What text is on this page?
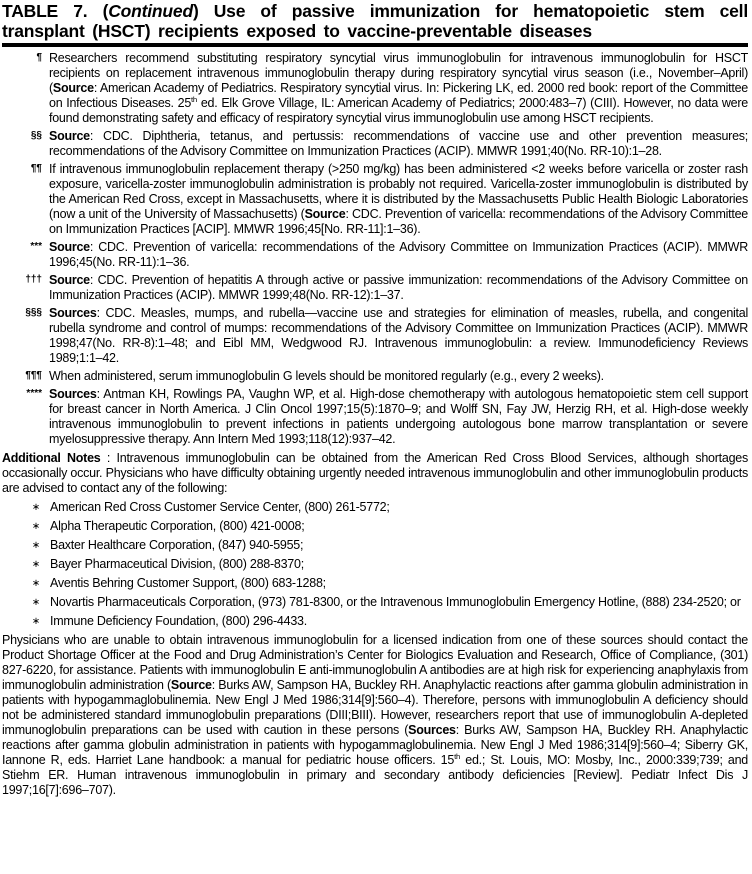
TABLE 7. (Continued) Use of passive immunization for hematopoietic stem cell transplant (HSCT) recipients exposed to vaccine-preventable diseases
¶ Researchers recommend substituting respiratory syncytial virus immunoglobulin for intravenous immunoglobulin for HSCT recipients on replacement intravenous immunoglobulin therapy during respiratory syncytial virus season (i.e., November–April) (Source: American Academy of Pediatrics. Respiratory syncytial virus. In: Pickering LK, ed. 2000 red book: report of the Committee on Infectious Diseases. 25th ed. Elk Grove Village, IL: American Academy of Pediatrics; 2000:483–7) (CIII). However, no data were found demonstrating safety and efficacy of respiratory syncytial virus immunoglobulin use among HSCT recipients.
§§ Source: CDC. Diphtheria, tetanus, and pertussis: recommendations of vaccine use and other prevention measures; recommendations of the Advisory Committee on Immunization Practices (ACIP). MMWR 1991;40(No. RR-10):1–28.
¶¶ If intravenous immunoglobulin replacement therapy (>250 mg/kg) has been administered <2 weeks before varicella or zoster rash exposure, varicella-zoster immunoglobulin administration is probably not required. Varicella-zoster immunoglobulin is distributed by the American Red Cross, except in Massachusetts, where it is distributed by the Massachusetts Public Health Biologic Laboratories (now a unit of the University of Massachusetts) (Source: CDC. Prevention of varicella: recommendations of the Advisory Committee on Immunization Practices [ACIP]. MMWR 1996;45[No. RR-11]:1–36).
*** Source: CDC. Prevention of varicella: recommendations of the Advisory Committee on Immunization Practices (ACIP). MMWR 1996;45(No. RR-11):1–36.
††† Source: CDC. Prevention of hepatitis A through active or passive immunization: recommendations of the Advisory Committee on Immunization Practices (ACIP). MMWR 1999;48(No. RR-12):1–37.
§§§ Sources: CDC. Measles, mumps, and rubella—vaccine use and strategies for elimination of measles, rubella, and congenital rubella syndrome and control of mumps: recommendations of the Advisory Committee on Immunization Practices (ACIP). MMWR 1998;47(No. RR-8):1–48; and Eibl MM, Wedgwood RJ. Intravenous immunoglobulin: a review. Immunodeficiency Reviews 1989;1:1–42.
¶¶¶ When administered, serum immunoglobulin G levels should be monitored regularly (e.g., every 2 weeks).
**** Sources: Antman KH, Rowlings PA, Vaughn WP, et al. High-dose chemotherapy with autologous hematopoietic stem cell support for breast cancer in North America. J Clin Oncol 1997;15(5):1870–9; and Wolff SN, Fay JW, Herzig RH, et al. High-dose weekly intravenous immunoglobulin to prevent infections in patients undergoing autologous bone marrow transplantation or severe myelosuppressive therapy. Ann Intern Med 1993;118(12):937–42.

Additional Notes : Intravenous immunoglobulin can be obtained from the American Red Cross Blood Services, although shortages occasionally occur. Physicians who have difficulty obtaining urgently needed intravenous immunoglobulin and other immunoglobulin products are advised to contact any of the following:

∗ American Red Cross Customer Service Center, (800) 261-5772;
∗ Alpha Therapeutic Corporation, (800) 421-0008;
∗ Baxter Healthcare Corporation, (847) 940-5955;
∗ Bayer Pharmaceutical Division, (800) 288-8370;
∗ Aventis Behring Customer Support, (800) 683-1288;
∗ Novartis Pharmaceuticals Corporation, (973) 781-8300, or the Intravenous Immunoglobulin Emergency Hotline, (888) 234-2520; or
∗ Immune Deficiency Foundation, (800) 296-4433.

Physicians who are unable to obtain intravenous immunoglobulin for a licensed indication from one of these sources should contact the Product Shortage Officer at the Food and Drug Administration’s Center for Biologics Evaluation and Research, Office of Compliance, (301) 827-6220, for assistance. Patients with immunoglobulin E anti-immunoglobulin A antibodies are at high risk for experiencing anaphylaxis from immunoglobulin administration (Source: Burks AW, Sampson HA, Buckley RH. Anaphylactic reactions after gamma globulin administration in patients with hypogammaglobulinemia. New Engl J Med 1986;314[9]:560–4). Therefore, persons with immunoglobulin A deficiency should not be administered standard immunoglobulin preparations (DIII;BIII). However, researchers report that use of immunoglobulin A-depleted immunoglobulin preparations can be used with caution in these persons (Sources: Burks AW, Sampson HA, Buckley RH. Anaphylactic reactions after gamma globulin administration in patients with hypogammaglobulinemia. New Engl J Med 1986;314[9]:560–4; Siberry GK, Iannone R, eds. Harriet Lane handbook: a manual for pediatric house officers. 15th ed.; St. Louis, MO: Mosby, Inc., 2000:339;739; and Stiehm ER. Human intravenous immunoglobulin in primary and secondary antibody deficiencies [Review]. Pediatr Infect Dis J 1997;16[7]:696–707).
